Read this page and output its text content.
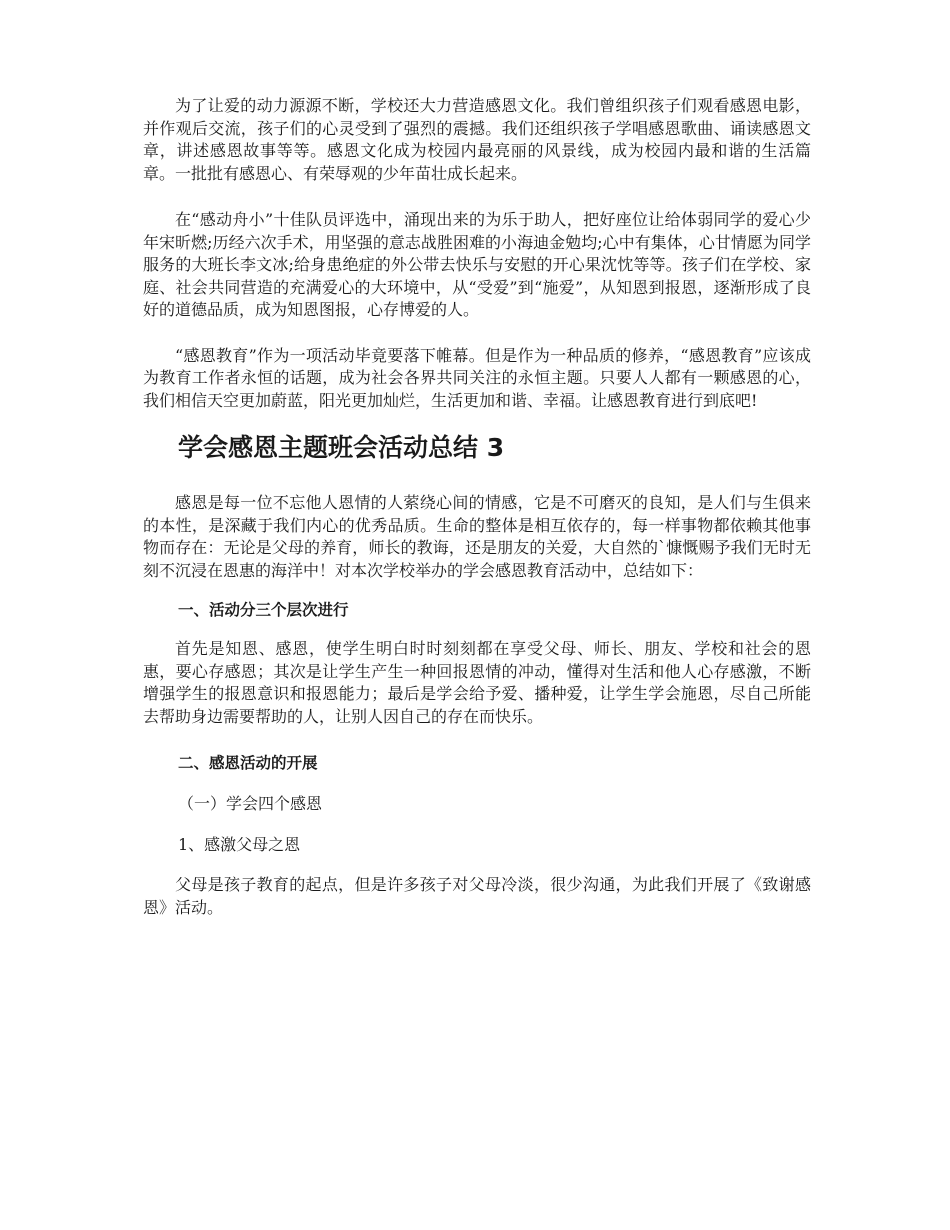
为了让爱的动力源源不断，学校还大力营造感恩文化。我们曾组织孩子们观看感恩电影，并作观后交流，孩子们的心灵受到了强烈的震撼。我们还组织孩子学唱感恩歌曲、诵读感恩文章，讲述感恩故事等等。感恩文化成为校园内最亮丽的风景线，成为校园内最和谐的生活篇章。一批批有感恩心、有荣辱观的少年苗壮成长起来。

在“感动舟小”十佳队员评选中，涌现出来的为乐于助人，把好座位让给体弱同学的爱心少年宋昕燃;历经六次手术，用坚强的意志战胜困难的小海迪金勉均;心中有集体，心甘情愿为同学服务的大班长李文冰;给身患绝症的外公带去快乐与安慰的开心果沈忱等等。孩子们在学校、家庭、社会共同营造的充满爱心的大环境中，从“受爱”到“施爱”，从知恩到报恩，逐渐形成了良好的道德品质，成为知恩图报，心存博爱的人。

“感恩教育”作为一项活动毕竟要落下帷幕。但是作为一种品质的修养，“感恩教育”应该成为教育工作者永恒的话题，成为社会各界共同关注的永恒主题。只要人人都有一颗感恩的心，我们相信天空更加蔚蓝，阳光更加灿烂，生活更加和谐、幸福。让感恩教育进行到底吧!

学会感恩主题班会活动总结 3

感恩是每一位不忘他人恩情的人萦绕心间的情感，它是不可磨灭的良知，是人们与生俱来的本性，是深藏于我们内心的优秀品质。生命的整体是相互依存的，每一样事物都依赖其他事物而存在：无论是父母的养育，师长的教诲，还是朋友的关爱，大自然的`慷慨赐予我们无时无刻不沉浸在恩惠的海洋中！对本次学校举办的学会感恩教育活动中，总结如下：

一、活动分三个层次进行

首先是知恩、感恩，使学生明白时时刻刻都在享受父母、师长、朋友、学校和社会的恩惠，要心存感恩；其次是让学生产生一种回报恩情的冲动，懂得对生活和他人心存感激，不断增强学生的报恩意识和报恩能力；最后是学会给予爱、播种爱，让学生学会施恩，尽自己所能去帮助身边需要帮助的人，让别人因自己的存在而快乐。

二、感恩活动的开展

（一）学会四个感恩

1、感激父母之恩

父母是孩子教育的起点，但是许多孩子对父母冷淡，很少沟通，为此我们开展了《致谢感恩》活动。
